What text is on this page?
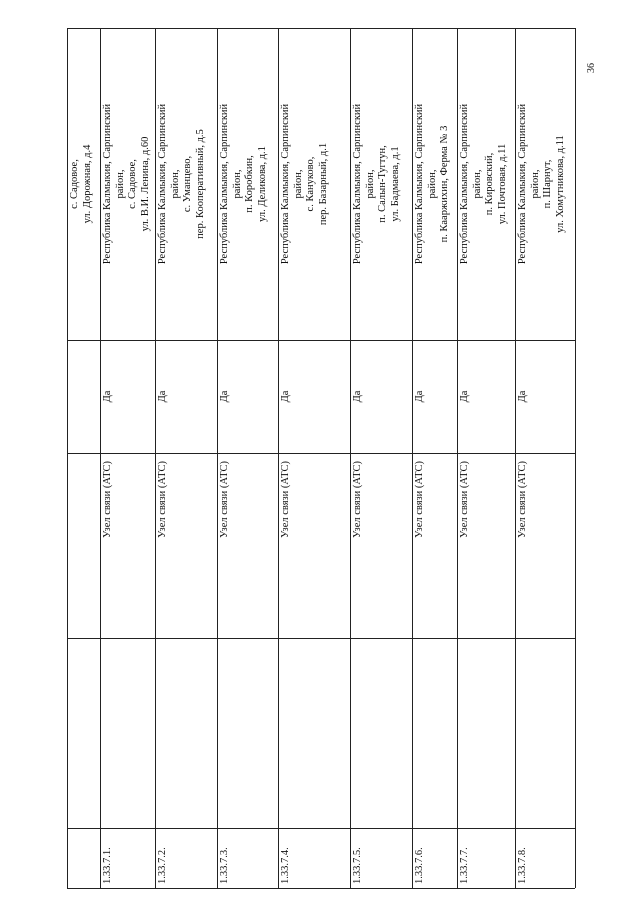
36
с. Садовое, ул. Дорожная, д.4
1.33.7.1.
Узел связи (АТС)
Да
Республика Калмыкия, Сарпинский район, с. Садовое, ул. В.И. Ленина, д.60
1.33.7.2.
Узел связи (АТС)
Да
Республика Калмыкия, Сарпинский район, с. Уманцево, пер. Кооперативный, д.5
1.33.7.3.
Узел связи (АТС)
Да
Республика Калмыкия, Сарпинский район, п. Коробкин, ул. Деликова, д.1
1.33.7.4.
Узел связи (АТС)
Да
Республика Калмыкия, Сарпинский район, с. Кануково, пер. Базарный, д.1
1.33.7.5.
Узел связи (АТС)
Да
Республика Калмыкия, Сарпинский район, п. Салын-Тугтун, ул. Бадмаева, д.1
1.33.7.6.
Узел связи (АТС)
Да
Республика Калмыкия, Сарпинский район, п. Кааржихин, Ферма № 3
1.33.7.7.
Узел связи (АТС)
Да
Республика Калмыкия, Сарпинский район, п. Кировский, ул. Почтовая, д.11
1.33.7.8.
Узел связи (АТС)
Да
Республика Калмыкия, Сарпинский район, п. Шарнут, ул. Хомутникова, д.11
